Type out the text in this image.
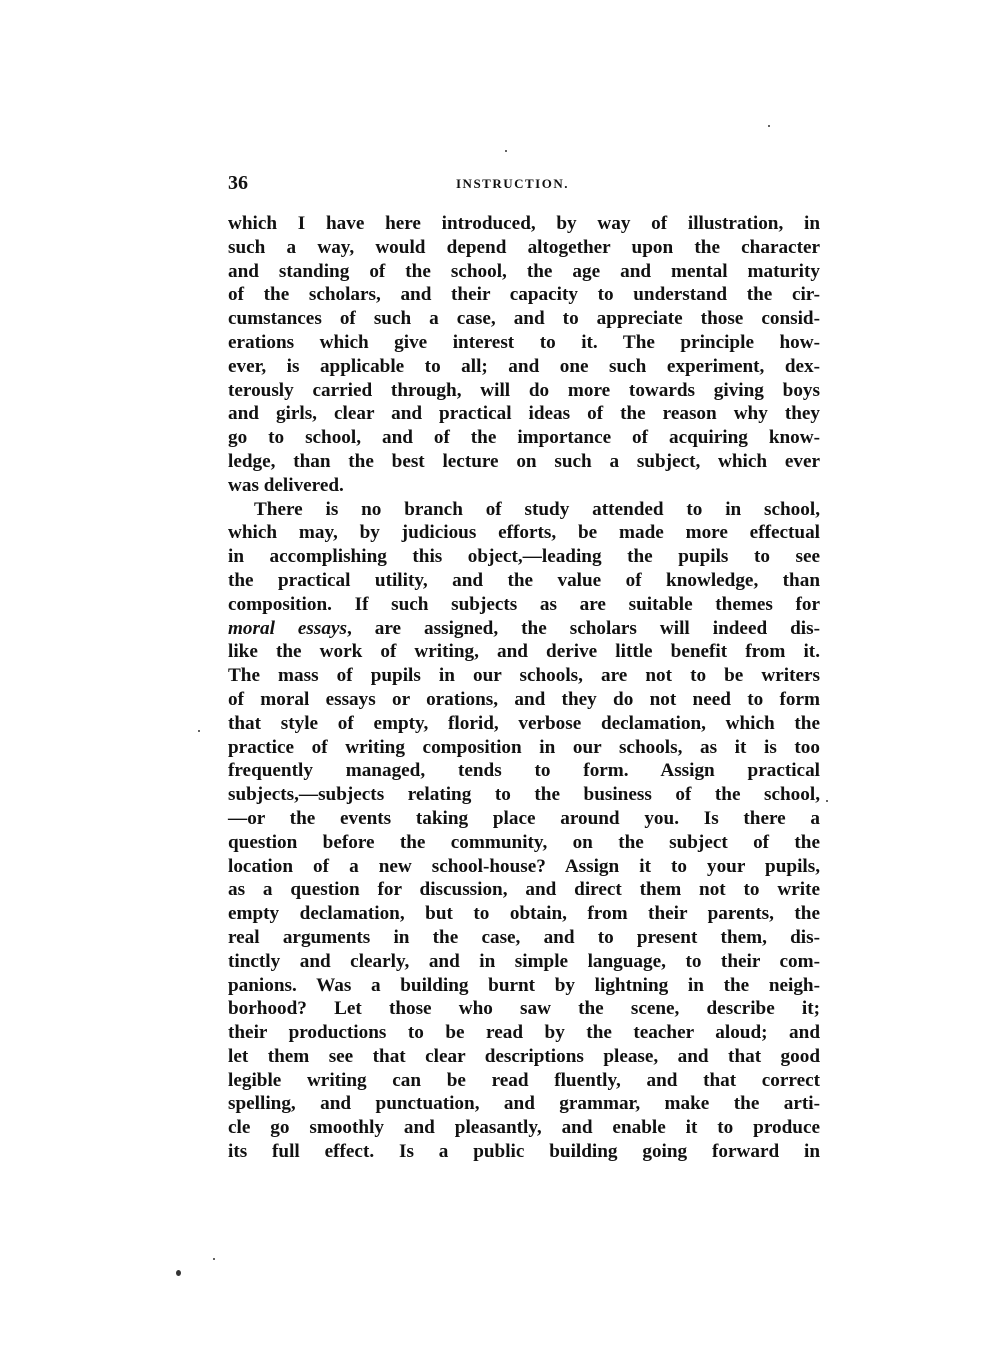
36	INSTRUCTION.
which I have here introduced, by way of illustration, in
such a way, would depend altogether upon the character
and standing of the school, the age and mental maturity
of the scholars, and their capacity to understand the cir-
cumstances of such a case, and to appreciate those consid-
erations which give interest to it. The principle how-
ever, is applicable to all; and one such experiment, dex-
terously carried through, will do more towards giving boys
and girls, clear and practical ideas of the reason why they
go to school, and of the importance of acquiring know-
ledge, than the best lecture on such a subject, which ever
was delivered.
There is no branch of study attended to in school,
which may, by judicious efforts, be made more effectual
in accomplishing this object,—leading the pupils to see
the practical utility, and the value of knowledge, than
composition. If such subjects as are suitable themes for
moral essays, are assigned, the scholars will indeed dis-
like the work of writing, and derive little benefit from it.
The mass of pupils in our schools, are not to be writers
of moral essays or orations, and they do not need to form
that style of empty, florid, verbose declamation, which the
practice of writing composition in our schools, as it is too
frequently managed, tends to form. Assign practical
subjects,—subjects relating to the business of the school,
—or the events taking place around you. Is there a
question before the community, on the subject of the
location of a new school-house? Assign it to your pupils,
as a question for discussion, and direct them not to write
empty declamation, but to obtain, from their parents, the
real arguments in the case, and to present them, dis-
tinctly and clearly, and in simple language, to their com-
panions. Was a building burnt by lightning in the neigh-
borhood? Let those who saw the scene, describe it;
their productions to be read by the teacher aloud; and
let them see that clear descriptions please, and that good
legible writing can be read fluently, and that correct
spelling, and punctuation, and grammar, make the arti-
cle go smoothly and pleasantly, and enable it to produce
its full effect. Is a public building going forward in
